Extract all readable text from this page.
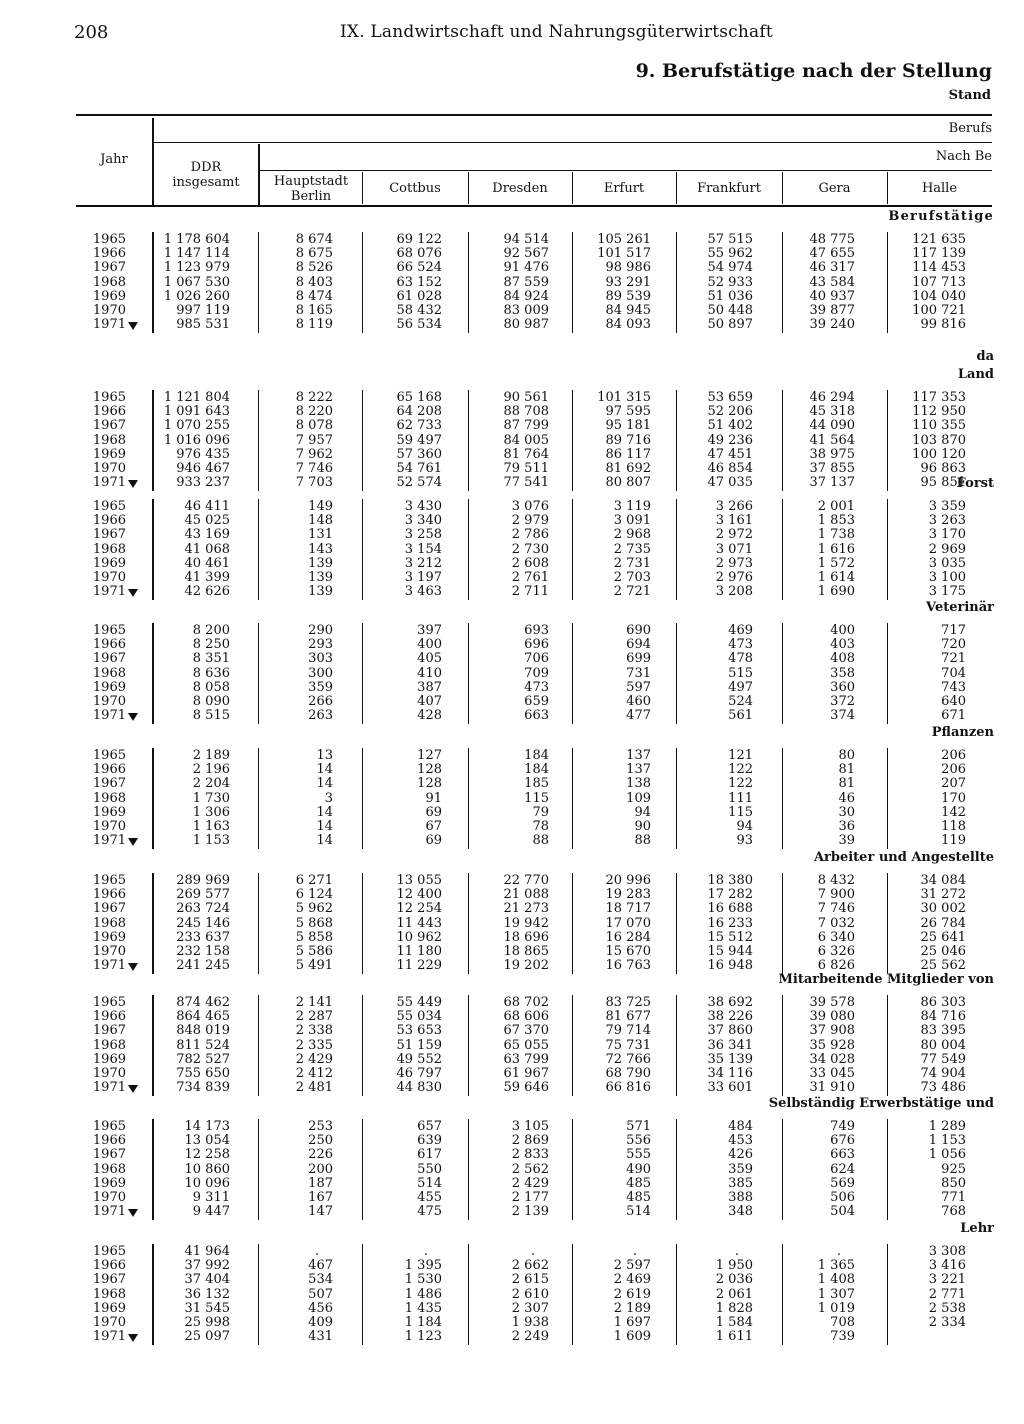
208	IX. Landwirtschaft und Nahrungsgüterwirtschaft
9. Berufstätige nach der Stellung
Stand
Jahr
DDR
insgesamt
Berufs
Nach Be
Hauptstadt
Berlin
Cottbus	Dresden	Erfurt	Frankfurt	Gera	Halle
Berufstätige
1965	1 178 604	8 674	69 122	94 514	105 261	57 515	48 775	121 635
1966	1 147 114	8 675	68 076	92 567	101 517	55 962	47 655	117 139
1967	1 123 979	8 526	66 524	91 476	98 986	54 974	46 317	114 453
1968	1 067 530	8 403	63 152	87 559	93 291	52 933	43 584	107 713
1969	1 026 260	8 474	61 028	84 924	89 539	51 036	40 937	104 040
1970	997 119	8 165	58 432	83 009	84 945	50 448	39 877	100 721
1971	985 531	8 119	56 534	80 987	84 093	50 897	39 240	99 816
da
Land
1965	1 121 804	8 222	65 168	90 561	101 315	53 659	46 294	117 353
1966	1 091 643	8 220	64 208	88 708	97 595	52 206	45 318	112 950
1967	1 070 255	8 078	62 733	87 799	95 181	51 402	44 090	110 355
1968	1 016 096	7 957	59 497	84 005	89 716	49 236	41 564	103 870
1969	976 435	7 962	57 360	81 764	86 117	47 451	38 975	100 120
1970	946 467	7 746	54 761	79 511	81 692	46 854	37 855	96 863
1971	933 237	7 703	52 574	77 541	80 807	47 035	37 137	95 851
Forst
1965	46 411	149	3 430	3 076	3 119	3 266	2 001	3 359
1966	45 025	148	3 340	2 979	3 091	3 161	1 853	3 263
1967	43 169	131	3 258	2 786	2 968	2 972	1 738	3 170
1968	41 068	143	3 154	2 730	2 735	3 071	1 616	2 969
1969	40 461	139	3 212	2 608	2 731	2 973	1 572	3 035
1970	41 399	139	3 197	2 761	2 703	2 976	1 614	3 100
1971	42 626	139	3 463	2 711	2 721	3 208	1 690	3 175
Veterinär
1965	8 200	290	397	693	690	469	400	717
1966	8 250	293	400	696	694	473	403	720
1967	8 351	303	405	706	699	478	408	721
1968	8 636	300	410	709	731	515	358	704
1969	8 058	359	387	473	597	497	360	743
1970	8 090	266	407	659	460	524	372	640
1971	8 515	263	428	663	477	561	374	671
Pflanzen
1965	2 189	13	127	184	137	121	80	206
1966	2 196	14	128	184	137	122	81	206
1967	2 204	14	128	185	138	122	81	207
1968	1 730	3	91	115	109	111	46	170
1969	1 306	14	69	79	94	115	30	142
1970	1 163	14	67	78	90	94	36	118
1971	1 153	14	69	88	88	93	39	119
Arbeiter und Angestellte
1965	289 969	6 271	13 055	22 770	20 996	18 380	8 432	34 084
1966	269 577	6 124	12 400	21 088	19 283	17 282	7 900	31 272
1967	263 724	5 962	12 254	21 273	18 717	16 688	7 746	30 002
1968	245 146	5 868	11 443	19 942	17 070	16 233	7 032	26 784
1969	233 637	5 858	10 962	18 696	16 284	15 512	6 340	25 641
1970	232 158	5 586	11 180	18 865	15 670	15 944	6 326	25 046
1971	241 245	5 491	11 229	19 202	16 763	16 948	6 826	25 562
Mitarbeitende Mitglieder von
1965	874 462	2 141	55 449	68 702	83 725	38 692	39 578	86 303
1966	864 465	2 287	55 034	68 606	81 677	38 226	39 080	84 716
1967	848 019	2 338	53 653	67 370	79 714	37 860	37 908	83 395
1968	811 524	2 335	51 159	65 055	75 731	36 341	35 928	80 004
1969	782 527	2 429	49 552	63 799	72 766	35 139	34 028	77 549
1970	755 650	2 412	46 797	61 967	68 790	34 116	33 045	74 904
1971	734 839	2 481	44 830	59 646	66 816	33 601	31 910	73 486
Selbständig Erwerbstätige und
1965	14 173	253	657	3 105	571	484	749	1 289
1966	13 054	250	639	2 869	556	453	676	1 153
1967	12 258	226	617	2 833	555	426	663	1 056
1968	10 860	200	550	2 562	490	359	624	925
1969	10 096	187	514	2 429	485	385	569	850
1970	9 311	167	455	2 177	485	388	506	771
1971	9 447	147	475	2 139	514	348	504	768
Lehr
1965	41 964	.	.	.	.	.	.	3 308
1966	37 992	467	1 395	2 662	2 597	1 950	1 365	3 416
1967	37 404	534	1 530	2 615	2 469	2 036	1 408	3 221
1968	36 132	507	1 486	2 610	2 619	2 061	1 307	2 771
1969	31 545	456	1 435	2 307	2 189	1 828	1 019	2 538
1970	25 998	409	1 184	1 938	1 697	1 584	708	2 334
1971	25 097	431	1 123	2 249	1 609	1 611	739
